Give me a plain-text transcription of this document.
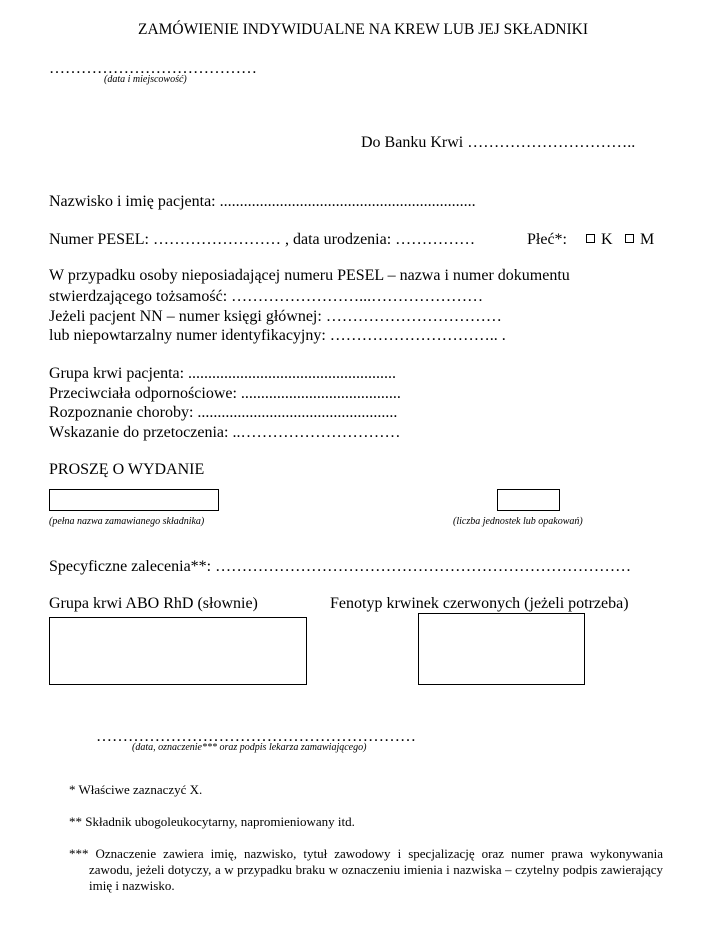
ZAMÓWIENIE INDYWIDUALNE NA KREW LUB JEJ SKŁADNIKI
…………………………………
(data i miejscowość)
Do Banku Krwi …………………………..
Nazwisko i imię pacjenta: ................................................................
Numer PESEL: …………………… , data urodzenia: ……………	Płeć*:	K	M
W przypadku osoby nieposiadającej numeru PESEL – nazwa i numer dokumentu
stwierdzającego tożsamość: ……………………...…………………
Jeżeli pacjent NN – numer księgi głównej: ……………………………
lub niepowtarzalny numer identyfikacyjny: ………………………….. .
Grupa krwi pacjenta: ....................................................
Przeciwciała odpornościowe: ........................................
Rozpoznanie choroby: ..................................................
Wskazanie do przetoczenia: ..…………………………
PROSZĘ O WYDANIE
(pełna nazwa zamawianego składnika)	(liczba jednostek lub opakowań)
Specyficzne zalecenia**: ……………………………………………………………………
Grupa krwi ABO RhD (słownie)	Fenotyp krwinek czerwonych (jeżeli potrzeba)
……………………………………………………
(data, oznaczenie*** oraz podpis lekarza zamawiającego)
* Właściwe zaznaczyć X.
** Składnik ubogoleukocytarny, napromieniowany itd.
*** Oznaczenie zawiera imię, nazwisko, tytuł zawodowy i specjalizację oraz numer prawa wykonywania zawodu, jeżeli dotyczy, a w przypadku braku w oznaczeniu imienia i nazwiska – czytelny podpis zawierający imię i nazwisko.
